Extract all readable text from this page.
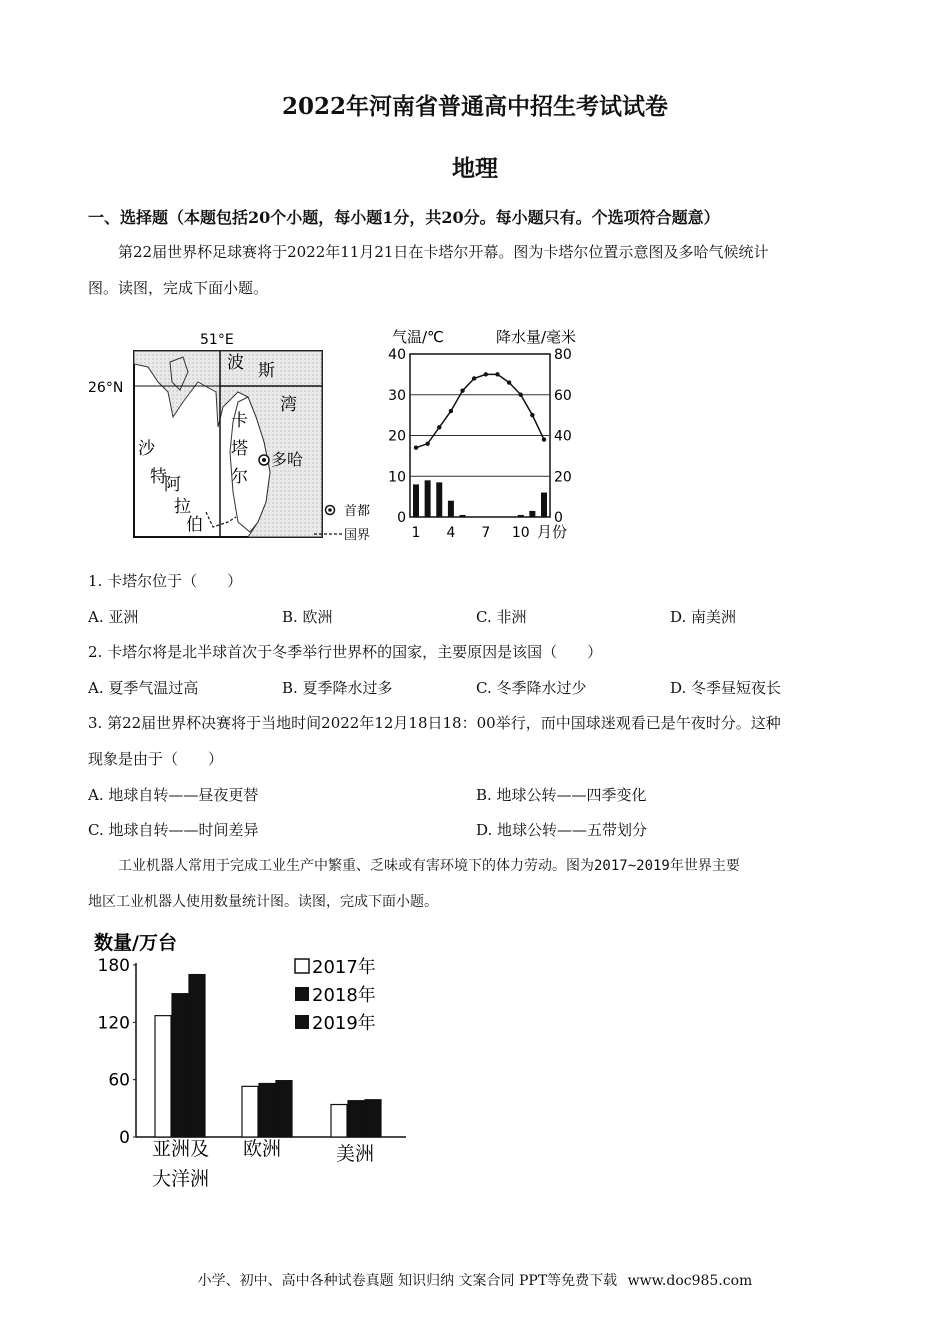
2022年河南省普通高中招生考试试卷
地理
一、选择题（本题包括20个小题，每小题1分，共20分。每小题只有。个选项符合题意）
第22届世界杯足球赛将于2022年11月21日在卡塔尔开幕。图为卡塔尔位置示意图及多哈气候统计
图。读图，完成下面小题。
51°E
26°N
波 斯
湾
卡
塔
尔
沙
特
阿
拉
伯
多哈
首都
国界
气温/℃	降水量/毫米
月份
40
30
20
10
0
80
60
40
20
0
1 4 7 10
1. 卡塔尔位于（　　）
A. 亚洲	B. 欧洲	C. 非洲	D. 南美洲
2. 卡塔尔将是北半球首次于冬季举行世界杯的国家，主要原因是该国（　　）
A. 夏季气温过高	B. 夏季降水过多	C. 冬季降水过少	D. 冬季昼短夜长
3. 第22届世界杯决赛将于当地时间2022年12月18日18：00举行，而中国球迷观看已是午夜时分。这种
现象是由于（　　）
A. 地球自转——昼夜更替	B. 地球公转——四季变化
C. 地球自转——时间差异	D. 地球公转——五带划分
工业机器人常用于完成工业生产中繁重、乏味或有害环境下的体力劳动。图为2017~2019年世界主要
地区工业机器人使用数量统计图。读图，完成下面小题。
数量/万台
亚洲及
大洋洲
欧洲	美洲
2017年
2018年
2019年
180
120
60
0
小学、初中、高中各种试卷真题 知识归纳 文案合同 PPT等免费下载 www.doc985.com
